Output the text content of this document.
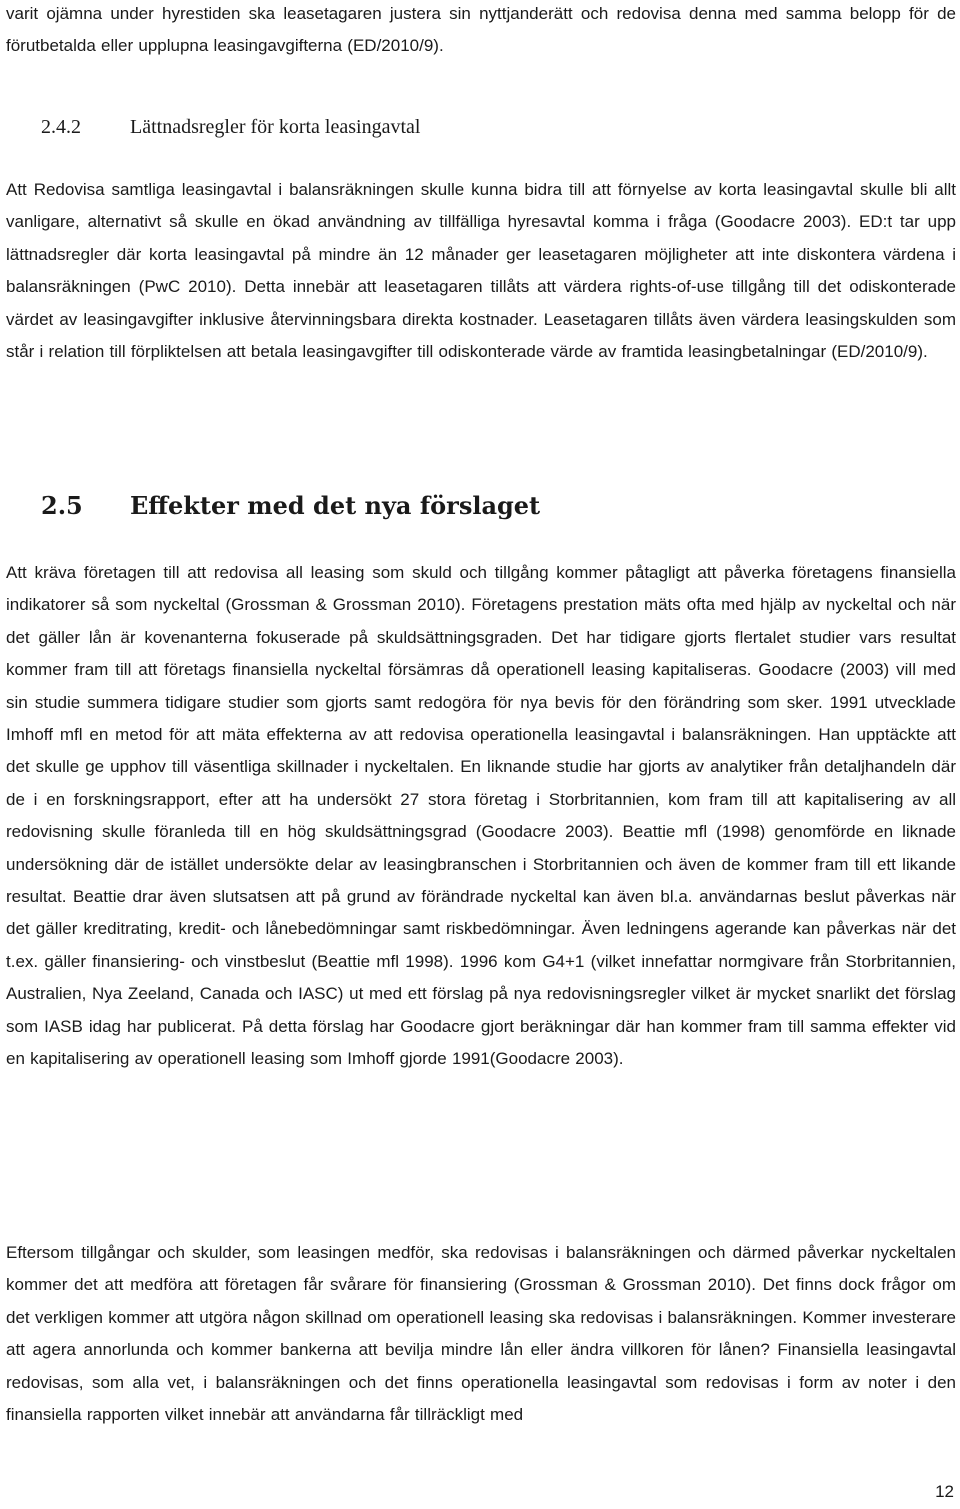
varit ojämna under hyrestiden ska leasetagaren justera sin nyttjanderätt och redovisa denna med samma belopp för de förutbetalda eller upplupna leasingavgifterna (ED/2010/9).

2.4.2 Lättnadsregler för korta leasingavtal

Att Redovisa samtliga leasingavtal i balansräkningen skulle kunna bidra till att förnyelse av korta leasingavtal skulle bli allt vanligare, alternativt så skulle en ökad användning av tillfälliga hyresavtal komma i fråga (Goodacre 2003). ED:t tar upp lättnadsregler där korta leasingavtal på mindre än 12 månader ger leasetagaren möjligheter att inte diskontera värdena i balansräkningen (PwC 2010). Detta innebär att leasetagaren tillåts att värdera rights-of-use tillgång till det odiskonterade värdet av leasingavgifter inklusive återvinningsbara direkta kostnader. Leasetagaren tillåts även värdera leasingskulden som står i relation till förpliktelsen att betala leasingavgifter till odiskonterade värde av framtida leasingbetalningar (ED/2010/9).

2.5 Effekter med det nya förslaget

Att kräva företagen till att redovisa all leasing som skuld och tillgång kommer påtagligt att påverka företagens finansiella indikatorer så som nyckeltal (Grossman & Grossman 2010). Företagens prestation mäts ofta med hjälp av nyckeltal och när det gäller lån är kovenanterna fokuserade på skuldsättningsgraden. Det har tidigare gjorts flertalet studier vars resultat kommer fram till att företags finansiella nyckeltal försämras då operationell leasing kapitaliseras. Goodacre (2003) vill med sin studie summera tidigare studier som gjorts samt redogöra för nya bevis för den förändring som sker. 1991 utvecklade Imhoff mfl en metod för att mäta effekterna av att redovisa operationella leasingavtal i balansräkningen. Han upptäckte att det skulle ge upphov till väsentliga skillnader i nyckeltalen. En liknande studie har gjorts av analytiker från detaljhandeln där de i en forskningsrapport, efter att ha undersökt 27 stora företag i Storbritannien, kom fram till att kapitalisering av all redovisning skulle föranleda till en hög skuldsättningsgrad (Goodacre 2003). Beattie mfl (1998) genomförde en liknade undersökning där de istället undersökte delar av leasingbranschen i Storbritannien och även de kommer fram till ett likande resultat. Beattie drar även slutsatsen att på grund av förändrade nyckeltal kan även bl.a. användarnas beslut påverkas när det gäller kreditrating, kredit- och lånebedömningar samt riskbedömningar. Även ledningens agerande kan påverkas när det t.ex. gäller finansiering- och vinstbeslut (Beattie mfl 1998). 1996 kom G4+1 (vilket innefattar normgivare från Storbritannien, Australien, Nya Zeeland, Canada och IASC) ut med ett förslag på nya redovisningsregler vilket är mycket snarlikt det förslag som IASB idag har publicerat. På detta förslag har Goodacre gjort beräkningar där han kommer fram till samma effekter vid en kapitalisering av operationell leasing som Imhoff gjorde 1991(Goodacre 2003).

Eftersom tillgångar och skulder, som leasingen medför, ska redovisas i balansräkningen och därmed påverkar nyckeltalen kommer det att medföra att företagen får svårare för finansiering (Grossman & Grossman 2010). Det finns dock frågor om det verkligen kommer att utgöra någon skillnad om operationell leasing ska redovisas i balansräkningen. Kommer investerare att agera annorlunda och kommer bankerna att bevilja mindre lån eller ändra villkoren för lånen? Finansiella leasingavtal redovisas, som alla vet, i balansräkningen och det finns operationella leasingavtal som redovisas i form av noter i den finansiella rapporten vilket innebär att användarna får tillräckligt med

12
